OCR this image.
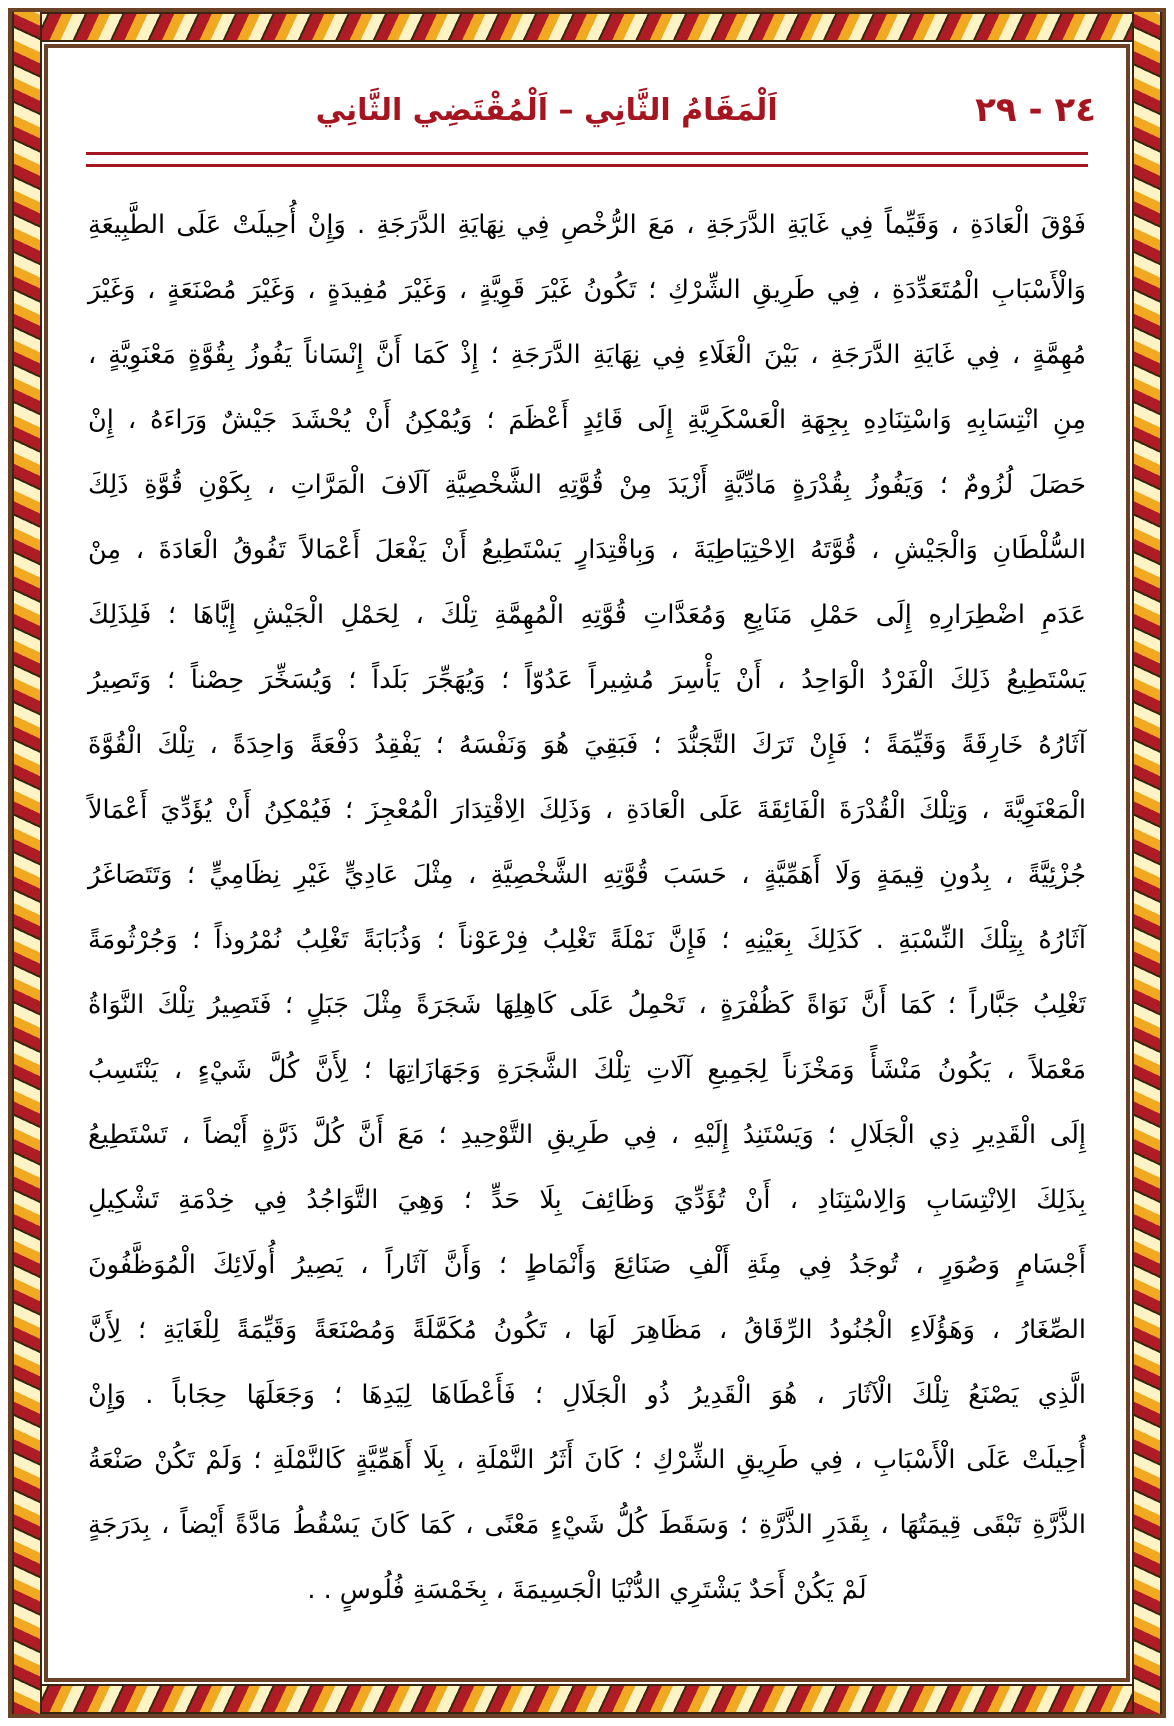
اَلْمَقَامُ الثَّانِي – اَلْمُقْتَضِي الثَّانِي	٢٤ - ٢٩
فَوْقَ الْعَادَةِ ، وَقَيِّماً فِي غَايَةِ الدَّرَجَةِ ، مَعَ الرُّخْصِ فِي نِهَايَةِ الدَّرَجَةِ . وَإِنْ أُحِيلَتْ عَلَى الطَّبِيعَةِ
وَالْأَسْبَابِ الْمُتَعَدِّدَةِ ، فِي طَرِيقِ الشِّرْكِ ؛ تَكُونُ غَيْرَ قَوِيَّةٍ ، وَغَيْرَ مُفِيدَةٍ ، وَغَيْرَ مُصْنَعَةٍ ، وَغَيْرَ
مُهِمَّةٍ ، فِي غَايَةِ الدَّرَجَةِ ، بَيْنَ الْغَلَاءِ فِي نِهَايَةِ الدَّرَجَةِ ؛ إِذْ كَمَا أَنَّ إِنْسَاناً يَفُوزُ بِقُوَّةٍ مَعْنَوِيَّةٍ ،
مِنِ انْتِسَابِهِ وَاسْتِنَادِهِ بِجِهَةِ الْعَسْكَرِيَّةِ إِلَى قَائِدٍ أَعْظَمَ ؛ وَيُمْكِنُ أَنْ يُحْشَدَ جَيْشٌ وَرَاءَهُ ، إِنْ
حَصَلَ لُزُومٌ ؛ وَيَفُوزُ بِقُدْرَةٍ مَادِّيَّةٍ أَزْيَدَ مِنْ قُوَّتِهِ الشَّخْصِيَّةِ آلَافَ الْمَرَّاتِ ، بِكَوْنِ قُوَّةِ ذَلِكَ
السُّلْطَانِ وَالْجَيْشِ ، قُوَّتَهُ الِاحْتِيَاطِيَةَ ، وَبِاقْتِدَارٍ يَسْتَطِيعُ أَنْ يَفْعَلَ أَعْمَالاً تَفُوقُ الْعَادَةَ ، مِنْ
عَدَمِ اضْطِرَارِهِ إِلَى حَمْلِ مَنَابِعِ وَمُعَدَّاتِ قُوَّتِهِ الْمُهِمَّةِ تِلْكَ ، لِحَمْلِ الْجَيْشِ إِيَّاهَا ؛ فَلِذَلِكَ
يَسْتَطِيعُ ذَلِكَ الْفَرْدُ الْوَاحِدُ ، أَنْ يَأْسِرَ مُشِيراً عَدُوّاً ؛ وَيُهَجِّرَ بَلَداً ؛ وَيُسَخِّرَ حِصْناً ؛ وَتَصِيرُ
آثَارُهُ خَارِقَةً وَقَيِّمَةً ؛ فَإِنْ تَرَكَ التَّجَنُّدَ ؛ فَبَقِيَ هُوَ وَنَفْسَهُ ؛ يَفْقِدُ دَفْعَةً وَاحِدَةً ، تِلْكَ الْقُوَّةَ
الْمَعْنَوِيَّةَ ، وَتِلْكَ الْقُدْرَةَ الْفَائِقَةَ عَلَى الْعَادَةِ ، وَذَلِكَ الِاقْتِدَارَ الْمُعْجِزَ ؛ فَيُمْكِنُ أَنْ يُؤَدِّيَ أَعْمَالاً
جُزْئِيَّةً ، بِدُونِ قِيمَةٍ وَلَا أَهَمِّيَّةٍ ، حَسَبَ قُوَّتِهِ الشَّخْصِيَّةِ ، مِثْلَ عَادِيٍّ غَيْرِ نِظَامِيٍّ ؛ وَتَتَصَاغَرُ
آثَارُهُ بِتِلْكَ النِّسْبَةِ . كَذَلِكَ بِعَيْنِهِ ؛ فَإِنَّ نَمْلَةً تَغْلِبُ فِرْعَوْناً ؛ وَذُبَابَةً تَغْلِبُ نُمْرُوذاً ؛ وَجُرْثُومَةً
تَغْلِبُ جَبَّاراً ؛ كَمَا أَنَّ نَوَاةً كَظُفْرَةٍ ، تَحْمِلُ عَلَى كَاهِلِهَا شَجَرَةً مِثْلَ جَبَلٍ ؛ فَتَصِيرُ تِلْكَ النَّوَاةُ
مَعْمَلاً ، يَكُونُ مَنْشَأً وَمَخْزَناً لِجَمِيعِ آلَاتِ تِلْكَ الشَّجَرَةِ وَجَهَازَاتِهَا ؛ لِأَنَّ كُلَّ شَيْءٍ ، يَنْتَسِبُ
إِلَى الْقَدِيرِ ذِي الْجَلَالِ ؛ وَيَسْتَنِدُ إِلَيْهِ ، فِي طَرِيقِ التَّوْحِيدِ ؛ مَعَ أَنَّ كُلَّ ذَرَّةٍ أَيْضاً ، تَسْتَطِيعُ
بِذَلِكَ الِانْتِسَابِ وَالِاسْتِنَادِ ، أَنْ تُؤَدِّيَ وَظَائِفَ بِلَا حَدٍّ ؛ وَهِيَ التَّوَاجُدُ فِي خِدْمَةِ تَشْكِيلِ
أَجْسَامٍ وَصُوَرٍ ، تُوجَدُ فِي مِئَةِ أَلْفِ صَنَائِعَ وَأَنْمَاطٍ ؛ وَأَنَّ آثَاراً ، يَصِيرُ أُولَائِكَ الْمُوَظَّفُونَ
الصِّغَارُ ، وَهَؤُلَاءِ الْجُنُودُ الرِّقَاقُ ، مَظَاهِرَ لَهَا ، تَكُونُ مُكَمَّلَةً وَمُصْنَعَةً وَقَيِّمَةً لِلْغَايَةِ ؛ لِأَنَّ
الَّذِي يَصْنَعُ تِلْكَ الْآثَارَ ، هُوَ الْقَدِيرُ ذُو الْجَلَالِ ؛ فَأَعْطَاهَا لِيَدِهَا ؛ وَجَعَلَهَا حِجَاباً . وَإِنْ
أُحِيلَتْ عَلَى الْأَسْبَابِ ، فِي طَرِيقِ الشِّرْكِ ؛ كَانَ أَثَرُ النَّمْلَةِ ، بِلَا أَهَمِّيَّةٍ كَالنَّمْلَةِ ؛ وَلَمْ تَكُنْ صَنْعَةُ
الذَّرَّةِ تَبْقَى قِيمَتُهَا ، بِقَدَرِ الذَّرَّةِ ؛ وَسَقَطَ كُلُّ شَيْءٍ مَعْنًى ، كَمَا كَانَ يَسْقُطُ مَادَّةً أَيْضاً ، بِدَرَجَةٍ
لَمْ يَكُنْ أَحَدٌ يَشْتَرِي الدُّنْيَا الْجَسِيمَةَ ، بِخَمْسَةِ فُلُوسٍ . .
